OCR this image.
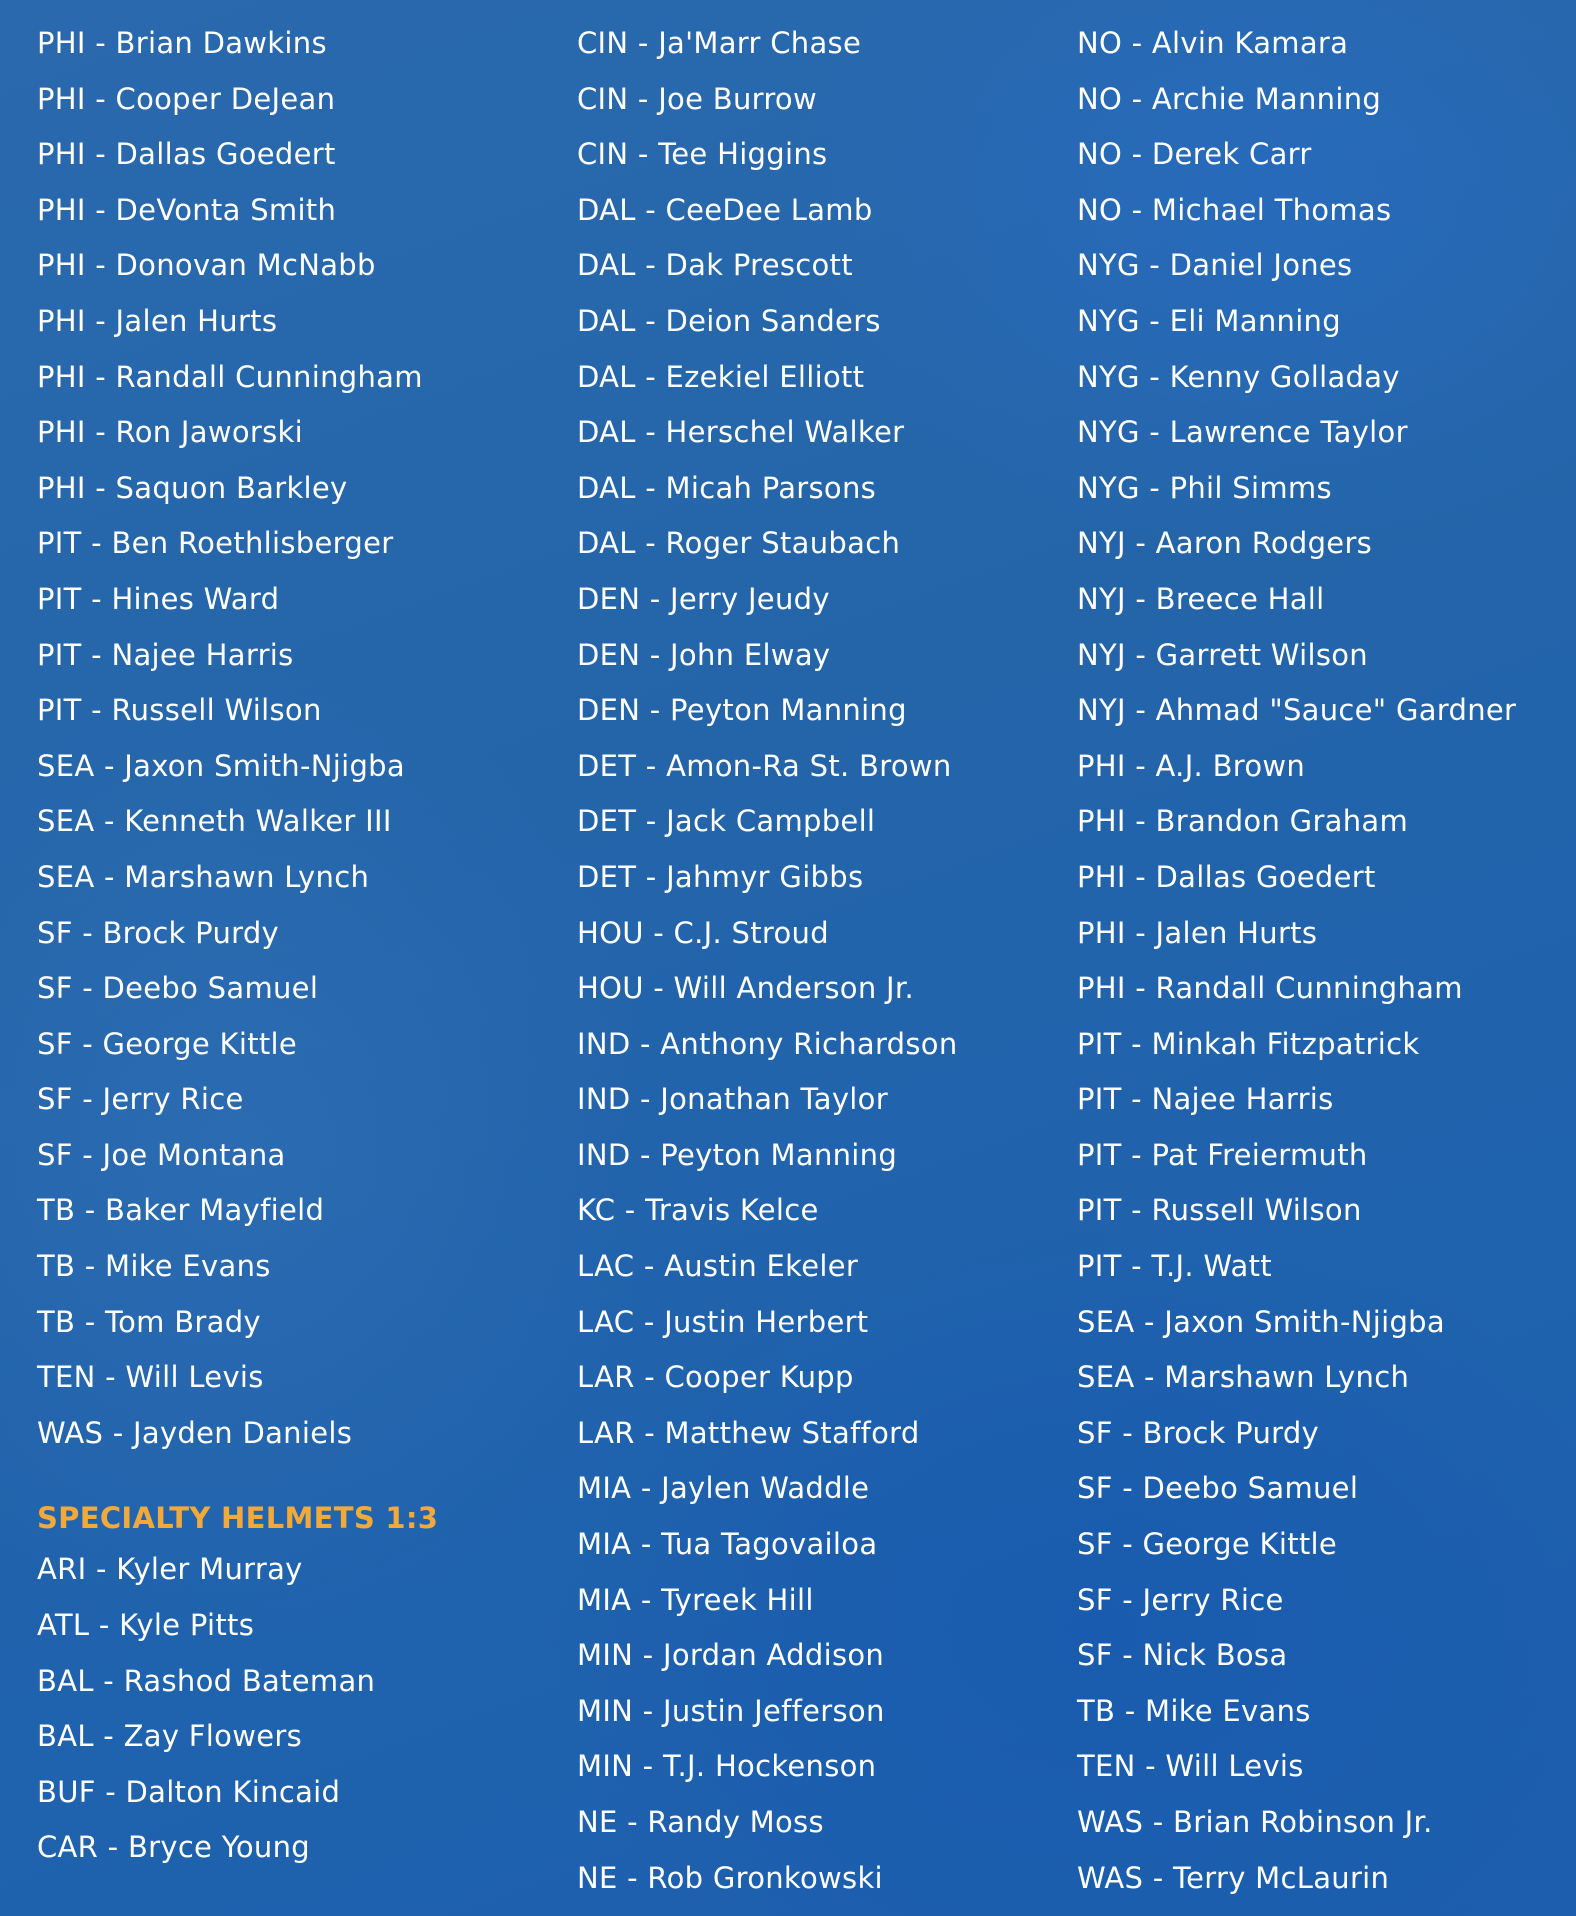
PHI - Brian Dawkins
PHI - Cooper DeJean
PHI - Dallas Goedert
PHI - DeVonta Smith
PHI - Donovan McNabb
PHI - Jalen Hurts
PHI - Randall Cunningham
PHI - Ron Jaworski
PHI - Saquon Barkley
PIT - Ben Roethlisberger
PIT - Hines Ward
PIT - Najee Harris
PIT - Russell Wilson
SEA - Jaxon Smith-Njigba
SEA - Kenneth Walker III
SEA - Marshawn Lynch
SF - Brock Purdy
SF - Deebo Samuel
SF - George Kittle
SF - Jerry Rice
SF - Joe Montana
TB - Baker Mayfield
TB - Mike Evans
TB - Tom Brady
TEN - Will Levis
WAS - Jayden Daniels
SPECIALTY HELMETS 1:3
ARI - Kyler Murray
ATL - Kyle Pitts
BAL - Rashod Bateman
BAL - Zay Flowers
BUF - Dalton Kincaid
CAR - Bryce Young
CIN - Ja'Marr Chase
CIN - Joe Burrow
CIN - Tee Higgins
DAL - CeeDee Lamb
DAL - Dak Prescott
DAL - Deion Sanders
DAL - Ezekiel Elliott
DAL - Herschel Walker
DAL - Micah Parsons
DAL - Roger Staubach
DEN - Jerry Jeudy
DEN - John Elway
DEN - Peyton Manning
DET - Amon-Ra St. Brown
DET - Jack Campbell
DET - Jahmyr Gibbs
HOU - C.J. Stroud
HOU - Will Anderson Jr.
IND - Anthony Richardson
IND - Jonathan Taylor
IND - Peyton Manning
KC - Travis Kelce
LAC - Austin Ekeler
LAC - Justin Herbert
LAR - Cooper Kupp
LAR - Matthew Stafford
MIA - Jaylen Waddle
MIA - Tua Tagovailoa
MIA - Tyreek Hill
MIN - Jordan Addison
MIN - Justin Jefferson
MIN - T.J. Hockenson
NE - Randy Moss
NE - Rob Gronkowski
NO - Alvin Kamara
NO - Archie Manning
NO - Derek Carr
NO - Michael Thomas
NYG - Daniel Jones
NYG - Eli Manning
NYG - Kenny Golladay
NYG - Lawrence Taylor
NYG - Phil Simms
NYJ - Aaron Rodgers
NYJ - Breece Hall
NYJ - Garrett Wilson
NYJ - Ahmad "Sauce" Gardner
PHI - A.J. Brown
PHI - Brandon Graham
PHI - Dallas Goedert
PHI - Jalen Hurts
PHI - Randall Cunningham
PIT - Minkah Fitzpatrick
PIT - Najee Harris
PIT - Pat Freiermuth
PIT - Russell Wilson
PIT - T.J. Watt
SEA - Jaxon Smith-Njigba
SEA - Marshawn Lynch
SF - Brock Purdy
SF - Deebo Samuel
SF - George Kittle
SF - Jerry Rice
SF - Nick Bosa
TB - Mike Evans
TEN - Will Levis
WAS - Brian Robinson Jr.
WAS - Terry McLaurin
